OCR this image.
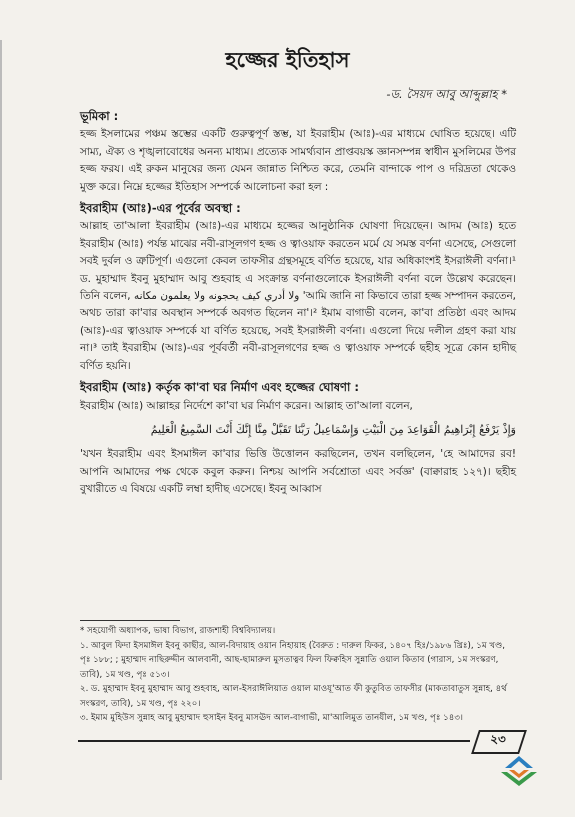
হজ্জের ইতিহাস
-ড. সৈয়দ আবু আব্দুল্লাহ *
ভূমিকা :

হজ্জ ইসলামের পঞ্চম স্তম্ভের একটি গুরুত্বপূর্ণ স্তম্ভ, যা ইবরাহীম (আঃ)-এর মাধ্যমে ঘোষিত হয়েছে। এটি সাম্য, ঐক্য ও শৃঙ্খলাবোধের অনন্য মাধ্যম। প্রত্যেক সামর্থ্যবান প্রাপ্তবয়স্ক জ্ঞানসম্পন্ন স্বাধীন মুসলিমের উপর হজ্জ ফরয। এই রুকন মানুষের জন্য যেমন জান্নাত নিশ্চিত করে, তেমনি বান্দাকে পাপ ও দরিদ্রতা থেকেও মুক্ত করে। নিম্নে হজ্জের ইতিহাস সম্পর্কে আলোচনা করা হল :

ইবরাহীম (আঃ)-এর পূর্বের অবস্থা :

আল্লাহ তা'আলা ইবরাহীম (আঃ)-এর মাধ্যমে হজ্জের আনুষ্ঠানিক ঘোষণা দিয়েছেন। আদম (আঃ) হতে ইবরাহীম (আঃ) পর্যন্ত মাঝের নবী-রাসূলগণ হজ্জ ও ত্বাওয়াফ করতেন মর্মে যে সমস্ত বর্ণনা এসেছে, সেগুলো সবই দুর্বল ও ত্রুটিপূর্ণ। এগুলো কেবল তাফসীর গ্রন্থসমূহে বর্ণিত হয়েছে, যার অধিকাংশই ইসরাঈলী বর্ণনা।¹ ড. মুহাম্মাদ ইবনু মুহাম্মাদ আবু শুহবাহ এ সংক্রান্ত বর্ণনাগুলোকে ইসরাঈলী বর্ণনা বলে উল্লেখ করেছেন। তিনি বলেন, ولا أدري كيف يحجونه ولا يعلمون مكانه 'আমি জানি না কিভাবে তারা হজ্জ সম্পাদন করতেন, অথচ তারা কা'বার অবস্থান সম্পর্কে অবগত ছিলেন না'।² ইমাম বাগাভী বলেন, কা'বা প্রতিষ্ঠা এবং আদম (আঃ)-এর ত্বাওয়াফ সম্পর্কে যা বর্ণিত হয়েছে, সবই ইসরাঈলী বর্ণনা। এগুলো দিয়ে দলীল গ্রহণ করা যায় না।³ তাই ইবরাহীম (আঃ)-এর পূর্ববর্তী নবী-রাসূলগণের হজ্জ ও ত্বাওয়াফ সম্পর্কে ছহীহ সূত্রে কোন হাদীছ বর্ণিত হয়নি।

ইবরাহীম (আঃ) কর্তৃক কা'বা ঘর নির্মাণ এবং হজ্জের ঘোষণা :

ইবরাহীম (আঃ) আল্লাহর নির্দেশে কা'বা ঘর নির্মাণ করেন। আল্লাহ তা'আলা বলেন,

وَإِذْ يَرْفَعُ إِبْرَاهِيمُ الْقَوَاعِدَ مِنَ الْبَيْتِ وَإِسْمَاعِيلُ رَبَّنَا تَقَبَّلْ مِنَّا إِنَّكَ أَنْتَ السَّمِيعُ الْعَلِيمُ

'যখন ইবরাহীম এবং ইসমাঈল কা'বার ভিত্তি উত্তোলন করছিলেন, তখন বলছিলেন, 'হে আমাদের রব! আপনি আমাদের পক্ষ থেকে কবুল করুন। নিশ্চয় আপনি সর্বশ্রোতা এবং সর্বজ্ঞ' (বাক্বারাহ ১২৭)। ছহীহ বুখারীতে এ বিষয়ে একটি লম্বা হাদীছ এসেছে। ইবনু আব্বাস

* সহযোগী অধ্যাপক, ভাষা বিভাগ, রাজশাহী বিশ্ববিদ্যালয়।

১. আবুল ফিদা ইসমাঈল ইবনু কাছীর, আল-বিদায়াহ ওয়ান নিহায়াহ (বৈরুত : দারুল ফিকর, ১৪০৭ হিঃ/১৯৮৬ খ্রিঃ), ১ম খণ্ড, পৃঃ ১৮৮; ; মুহাম্মাদ নাছিরুদ্দীন আলবানী, আছ-ছামারুল মুসতাত্বব ফিল ফিক্বহিস সুন্নাতি ওয়াল কিতাব (গারাস, ১ম সংস্করণ, তাবি), ১ম খণ্ড, পৃঃ ৫১৩।

২. ড. মুহাম্মাদ ইবনু মুহাম্মাদ আবু শুহবাহ, আল-ইসরাঈলিয়াত ওয়াল মাওযূ'আত ফী কুতুবিত তাফসীর (মাকতাবাতুস সুন্নাহ, ৪র্থ সংস্করণ, তাবি), ১ম খণ্ড, পৃঃ ২২০।

৩. ইমাম মুহিউস সুন্নাহ আবু মুহাম্মাদ হুসাইন ইবনু মাসঊদ আল-বাগাভী, মা'আলিমুত তানযীল, ১ম খণ্ড, পৃঃ ১৪৩।

২৩
